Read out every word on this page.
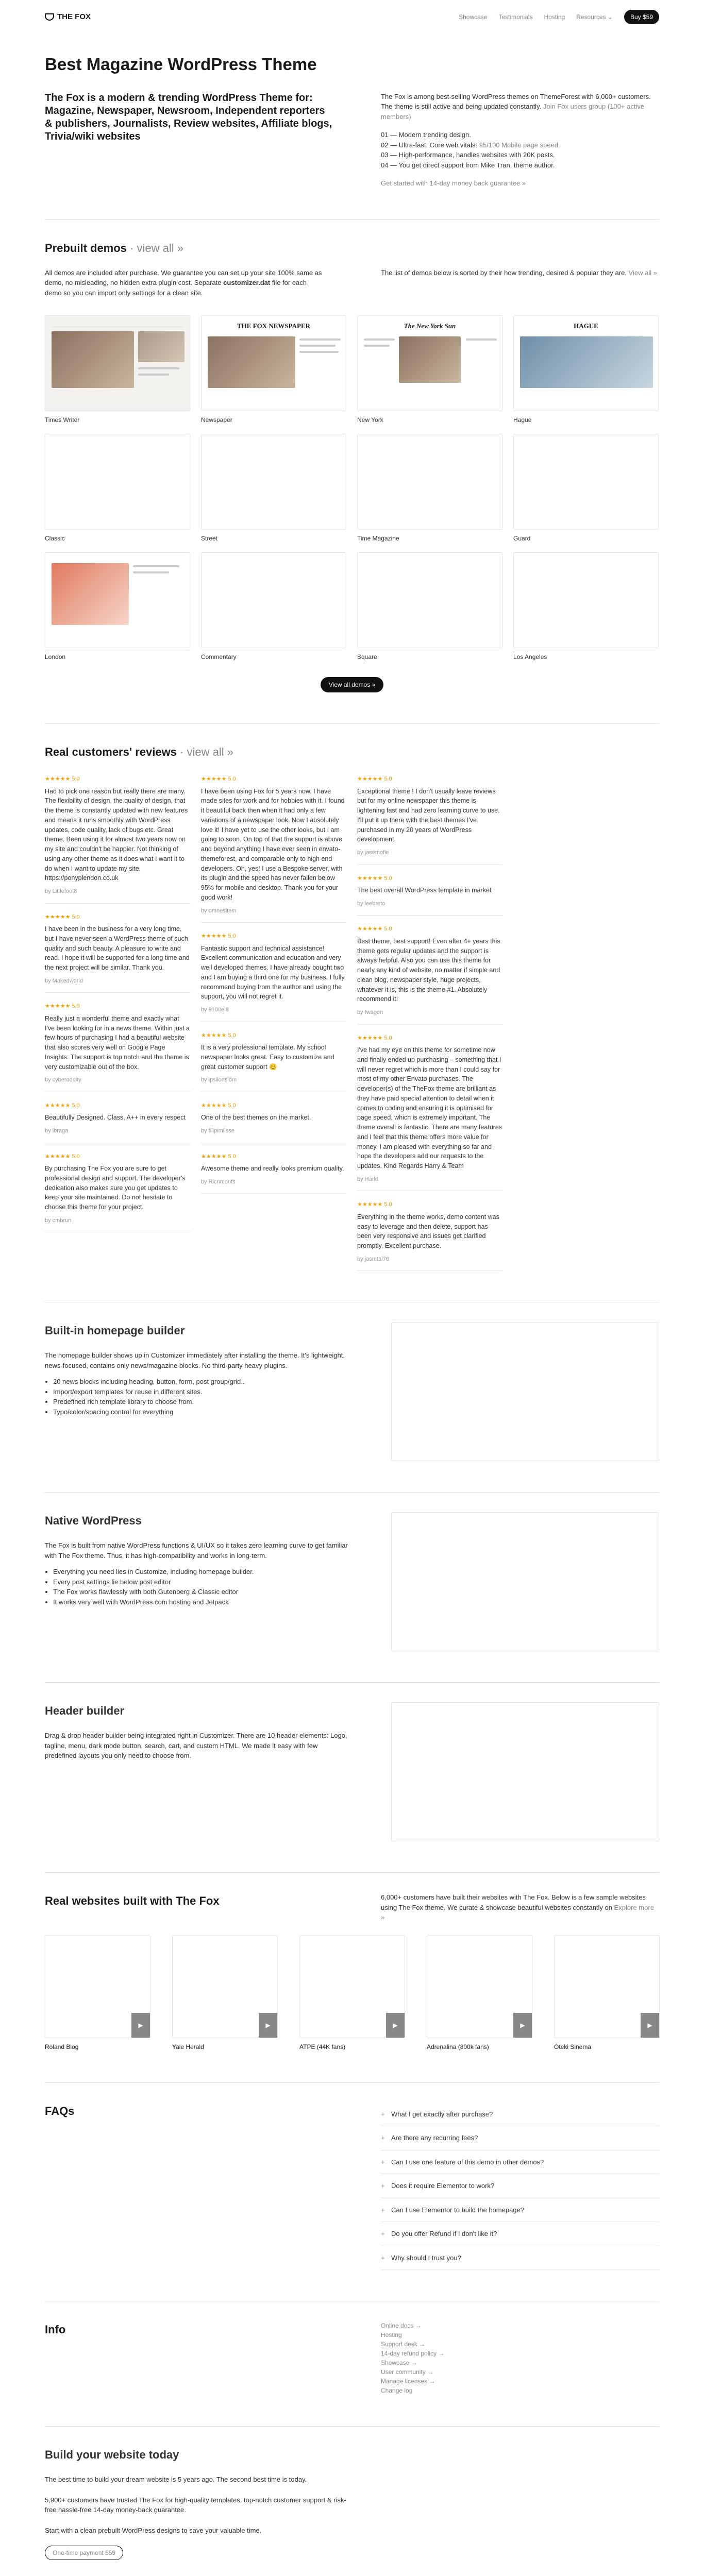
THE FOX	Showcase Testimonials Hosting Resources ⌄	Buy $59
Best Magazine WordPress Theme
The Fox is a modern & trending WordPress Theme for: Magazine, Newspaper, Newsroom, Independent reporters & publishers, Journalists, Review websites, Affiliate blogs, Trivia/wiki websites

The Fox is among best-selling WordPress themes on ThemeForest with 6,000+ customers. The theme is still active and being updated constantly. Join Fox users group (100+ active members)

01 — Modern trending design.
02 — Ultra-fast. Core web vitals: 95/100 Mobile page speed
03 — High-performance, handles websites with 20K posts.
04 — You get direct support from Mike Tran, theme author.
Get started with 14-day money back guarantee »
Prebuilt demos · view all »

All demos are included after purchase. We guarantee you can set up your site 100% same as demo, no misleading, no hidden extra plugin cost. Separate customizer.dat file for each demo so you can import only settings for a clean site.

The list of demos below is sorted by their how trending, desired & popular they are. View all »

Times Writer
THE FOX NEWSPAPER
Newspaper
The New York Sun
New York
HAGUE
Hague
Classic	Street	Time Magazine	Guard
London	Commentary	Square	Los Angeles
View all demos »
Real customers' reviews · view all »
★★★★★ 5.0

Had to pick one reason but really there are many. The flexibility of design, the quality of design, that the theme is constantly updated with new features and means it runs smoothly with WordPress updates, code quality, lack of bugs etc. Great theme. Been using it for almost two years now on my site and couldn't be happier. Not thinking of using any other theme as it does what I want it to do when I want to update my site. https://ponyplendon.co.uk

by Littlefoot8
★★★★★ 5.0

I have been in the business for a very long time, but I have never seen a WordPress theme of such quality and such beauty. A pleasure to write and read. I hope it will be supported for a long time and the next project will be similar. Thank you.

by Makedworld
★★★★★ 5.0

Really just a wonderful theme and exactly what I've been looking for in a news theme. Within just a few hours of purchasing I had a beautiful website that also scores very well on Google Page Insights. The support is top notch and the theme is very customizable out of the box.

by cyberoddity
★★★★★ 5.0

Beautifully Designed. Class, A++ in every respect

by lbraga
★★★★★ 5.0

By purchasing The Fox you are sure to get professional design and support. The developer's dedication also makes sure you get updates to keep your site maintained. Do not hesitate to choose this theme for your project.

by cmbrun
★★★★★ 5.0

I have been using Fox for 5 years now. I have made sites for work and for hobbies with it. I found it beautiful back then when it had only a few variations of a newspaper look. Now I absolutely love it! I have yet to use the other looks, but I am going to soon. On top of that the support is above and beyond anything I have ever seen in envato-themeforest, and comparable only to high end developers. Oh, yes! I use a Bespoke server, with its plugin and the speed has never fallen below 95% for mobile and desktop. Thank you for your good work!

by omnesitem
★★★★★ 5.0

Fantastic support and technical assistance! Excellent communication and education and very well developed themes. I have already bought two and I am buying a third one for my business. I fully recommend buying from the author and using the support, you will not regret it.

by 9100el8
★★★★★ 5.0

It is a very professional template. My school newspaper looks great. Easy to customize and great customer support 😊

by ipsilonsiom
★★★★★ 5.0

One of the best themes on the market.

by filipimlisse
★★★★★ 5.0

Awesome theme and really looks premium quality.

by Ricnmonts
★★★★★ 5.0

Exceptional theme ! I don't usually leave reviews but for my online newspaper this theme is lightening fast and had zero learning curve to use. I'll put it up there with the best themes I've purchased in my 20 years of WordPress development.

by jasemofie
★★★★★ 5.0

The best overall WordPress template in market

by leebreto
★★★★★ 5.0

Best theme, best support! Even after 4+ years this theme gets regular updates and the support is always helpful. Also you can use this theme for nearly any kind of website, no matter if simple and clean blog, newspaper style, huge projects, whatever it is, this is the theme #1. Absolutely recommend it!

by fwagon
★★★★★ 5.0

I've had my eye on this theme for sometime now and finally ended up purchasing – something that I will never regret which is more than I could say for most of my other Envato purchases. The developer(s) of the TheFox theme are brilliant as they have paid special attention to detail when it comes to coding and ensuring it is optimised for page speed, which is extremely important. The theme overall is fantastic. There are many features and I feel that this theme offers more value for money. I am pleased with everything so far and hope the developers add our requests to the updates. Kind Regards Harry & Team

by Harkt
★★★★★ 5.0

Everything in the theme works, demo content was easy to leverage and then delete, support has been very responsive and issues get clarified promptly. Excellent purchase.

by jasmtal76
Built-in homepage builder

The homepage builder shows up in Customizer immediately after installing the theme. It's lightweight, news-focused, contains only news/magazine blocks. No third-party heavy plugins.

• 20 news blocks including heading, button, form, post group/grid..
• Import/export templates for reuse in different sites.
• Predefined rich template library to choose from.
• Typo/color/spacing control for everything
Native WordPress

The Fox is built from native WordPress functions & UI/UX so it takes zero learning curve to get familiar with The Fox theme. Thus, it has high-compatibility and works in long-term.

• Everything you need lies in Customize, including homepage builder.
• Every post settings lie below post editor
• The Fox works flawlessly with both Gutenberg & Classic editor
• It works very well with WordPress.com hosting and Jetpack
Header builder

Drag & drop header builder being integrated right in Customizer. There are 10 header elements: Logo, tagline, menu, dark mode button, search, cart, and custom HTML. We made it easy with few predefined layouts you only need to choose from.

Real websites built with The Fox	6,000+ customers have built their websites with The Fox. Below is a few sample websites using The Fox theme. We curate & showcase beautiful websites constantly on Explore more »

▶
Roland Blog
▶
Yale Herald
▶
ATPE (44K fans)
▶
Adrenalina (800k fans)
▶
Ōteki Sinema
FAQs	+ What I get exactly after purchase?
+ Are there any recurring fees?
+ Can I use one feature of this demo in other demos?
+ Does it require Elementor to work?
+ Can I use Elementor to build the homepage?
+ Do you offer Refund if I don't like it?
+ Why should I trust you?
Info	Online docs →
Hosting
Support desk →
14-day refund policy →
Showcase →
User community →
Manage licenses →
Change log
Build your website today

The best time to build your dream website is 5 years ago. The second best time is today.

5,900+ customers have trusted The Fox for high-quality templates, top-notch customer support & risk-free hassle-free 14-day money-back guarantee.

Start with a clean prebuilt WordPress designs to save your valuable time.

One-time payment $59
